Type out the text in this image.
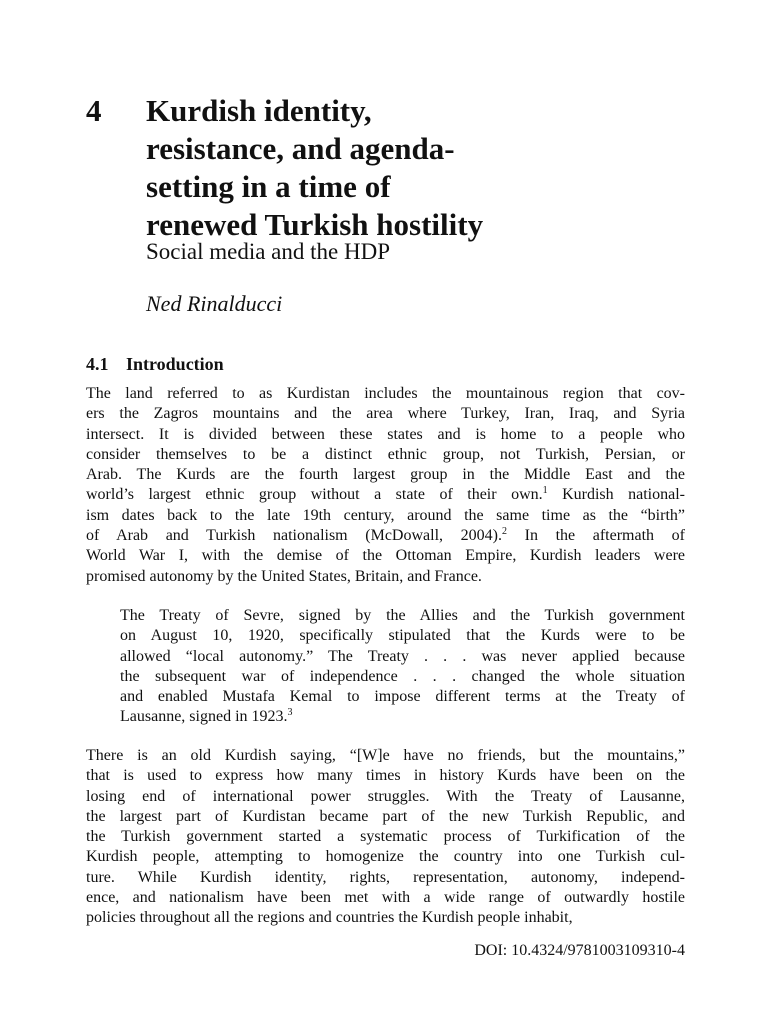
4 Kurdish identity,
resistance, and agenda-
setting in a time of
renewed Turkish hostility
Social media and the HDP
Ned Rinalducci
4.1 Introduction
The land referred to as Kurdistan includes the mountainous region that cov-
ers the Zagros mountains and the area where Turkey, Iran, Iraq, and Syria
intersect. It is divided between these states and is home to a people who
consider themselves to be a distinct ethnic group, not Turkish, Persian, or
Arab. The Kurds are the fourth largest group in the Middle East and the
world’s largest ethnic group without a state of their own.$^1$ Kurdish national-
ism dates back to the late 19th century, around the same time as the “birth”
of Arab and Turkish nationalism (McDowall, 2004).$^2$ In the aftermath of
World War I, with the demise of the Ottoman Empire, Kurdish leaders were
promised autonomy by the United States, Britain, and France.
The Treaty of Sevre, signed by the Allies and the Turkish government
on August 10, 1920, specifically stipulated that the Kurds were to be
allowed “local autonomy.” The Treaty . . . was never applied because
the subsequent war of independence . . . changed the whole situation
and enabled Mustafa Kemal to impose different terms at the Treaty of
Lausanne, signed in 1923.$^3$
There is an old Kurdish saying, “[W]e have no friends, but the mountains,”
that is used to express how many times in history Kurds have been on the
losing end of international power struggles. With the Treaty of Lausanne,
the largest part of Kurdistan became part of the new Turkish Republic, and
the Turkish government started a systematic process of Turkification of the
Kurdish people, attempting to homogenize the country into one Turkish cul-
ture. While Kurdish identity, rights, representation, autonomy, independ-
ence, and nationalism have been met with a wide range of outwardly hostile
policies throughout all the regions and countries the Kurdish people inhabit,
DOI: 10.4324/9781003109310-4
